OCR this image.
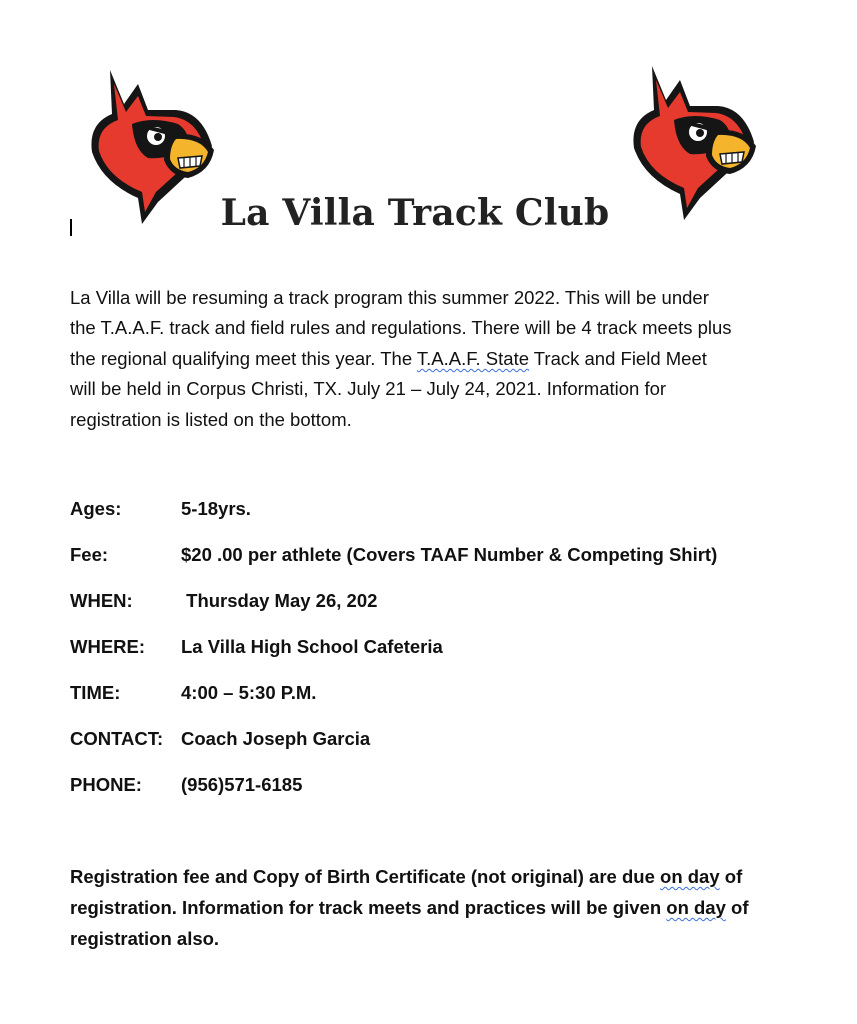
La Villa Track Club

La Villa will be resuming a track program this summer 2022. This will be under

the T.A.A.F. track and field rules and regulations. There will be 4 track meets plus

the regional qualifying meet this year. The T.A.A.F. State Track and Field Meet

will be held in Corpus Christi, TX. July 21 – July 24, 2021. Information for

registration is listed on the bottom.

Ages:	5-18yrs.
Fee:	$20 .00 per athlete (Covers TAAF Number & Competing Shirt)
WHEN:	Thursday May 26, 202
WHERE:	La Villa High School Cafeteria
TIME:	4:00 – 5:30 P.M.
CONTACT: Coach Joseph Garcia
PHONE:	(956)571-6185

Registration fee and Copy of Birth Certificate (not original) are due on day of

registration. Information for track meets and practices will be given on day of

registration also.
